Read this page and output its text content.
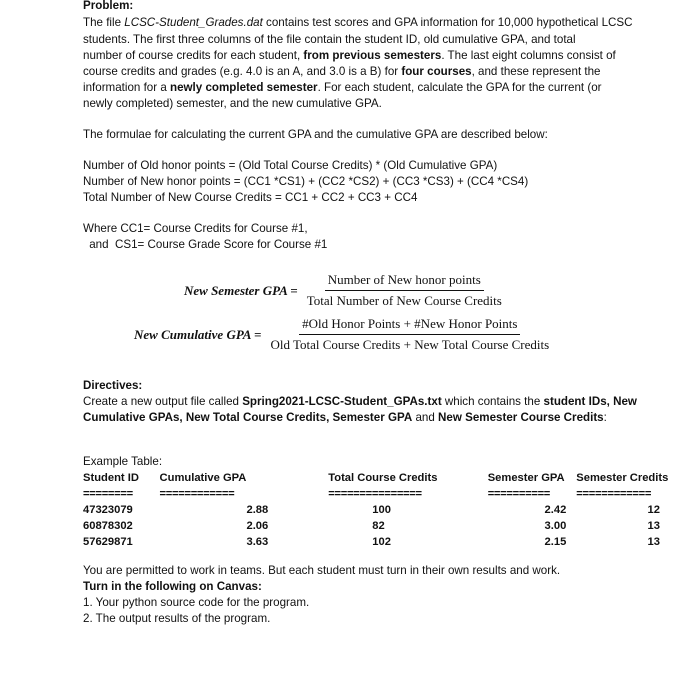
Problem:
The file LCSC-Student_Grades.dat contains test scores and GPA information for 10,000 hypothetical LCSC
students. The first three columns of the file contain the student ID, old cumulative GPA, and total
number of course credits for each student, from previous semesters. The last eight columns consist of
course credits and grades (e.g. 4.0 is an A, and 3.0 is a B) for four courses, and these represent the
information for a newly completed semester. For each student, calculate the GPA for the current (or
newly completed) semester, and the new cumulative GPA.
The formulae for calculating the current GPA and the cumulative GPA are described below:
Number of Old honor points = (Old Total Course Credits) * (Old Cumulative GPA)
Number of New honor points = (CC1 *CS1) + (CC2 *CS2) + (CC3 *CS3) + (CC4 *CS4)
Total Number of New Course Credits = CC1 + CC2 + CC3 + CC4
Where CC1= Course Credits for Course #1,
and  CS1= Course Grade Score for Course #1
New Semester GPA = $\frac{\text{Number of New honor points}}{\text{Total Number of New Course Credits}}$
New Cumulative GPA = $\frac{\text{\#Old Honor Points + \#New Honor Points}}{\text{Old Total Course Credits + New Total Course Credits}}$
Directives:
Create a new output file called Spring2021-LCSC-Student_GPAs.txt which contains the student IDs, New
Cumulative GPAs, New Total Course Credits, Semester GPA and New Semester Course Credits:
Example Table:
Student ID	Cumulative GPA	Total Course Credits	Semester GPA	Semester Credits
========	============	===============	==========	============
47323079	2.88	100	2.42	12
60878302	2.06	82	3.00	13
57629871	3.63	102	2.15	13
You are permitted to work in teams. But each student must turn in their own results and work.
Turn in the following on Canvas:
1. Your python source code for the program.
2. The output results of the program.
